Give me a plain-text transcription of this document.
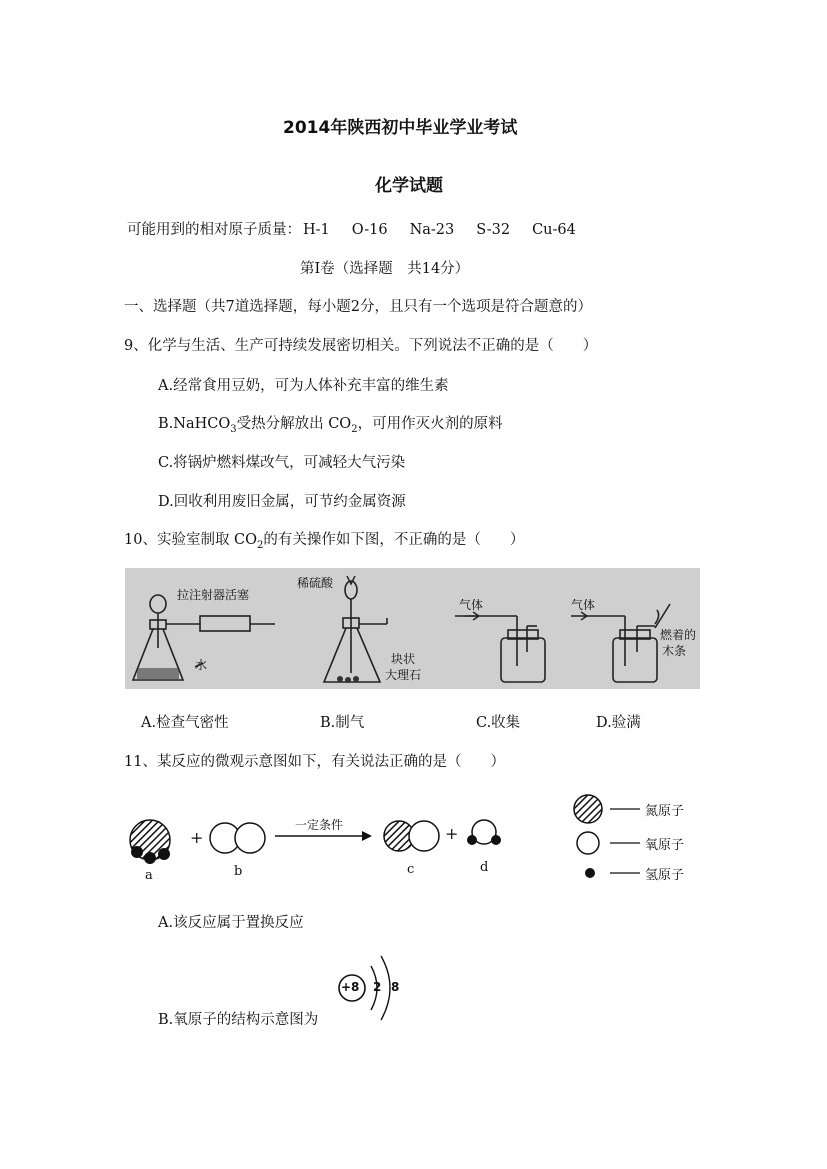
2014年陕西初中毕业学业考试
化学试题
可能用到的相对原子质量： H-1 O-16 Na-23 S-32 Cu-64
第Ⅰ卷（选择题　共14分）
一、选择题（共7道选择题，每小题2分，且只有一个选项是符合题意的）
9、化学与生活、生产可持续发展密切相关。下列说法不正确的是（　　）
A.经常食用豆奶，可为人体补充丰富的维生素
B.NaHCO$_3$受热分解放出 $CO_2$，可用作灭火剂的原料
C.将锅炉燃料煤改气，可减轻大气污染
D.回收利用废旧金属，可节约金属资源
10、实验室制取 $CO_2$的有关操作如下图，不正确的是（　　）
拉注射器活塞
水
稀硫酸
块状
大理石
气体	气体
燃着的
木条
A.检查气密性	B.制气	C.收集	D.验满
11、某反应的微观示意图如下，有关说法正确的是（　　）
+	+
一定条件
a	b	c	d
氮原子
氧原子
氢原子
A.该反应属于置换反应
+8 2 8
B.氧原子的结构示意图为
